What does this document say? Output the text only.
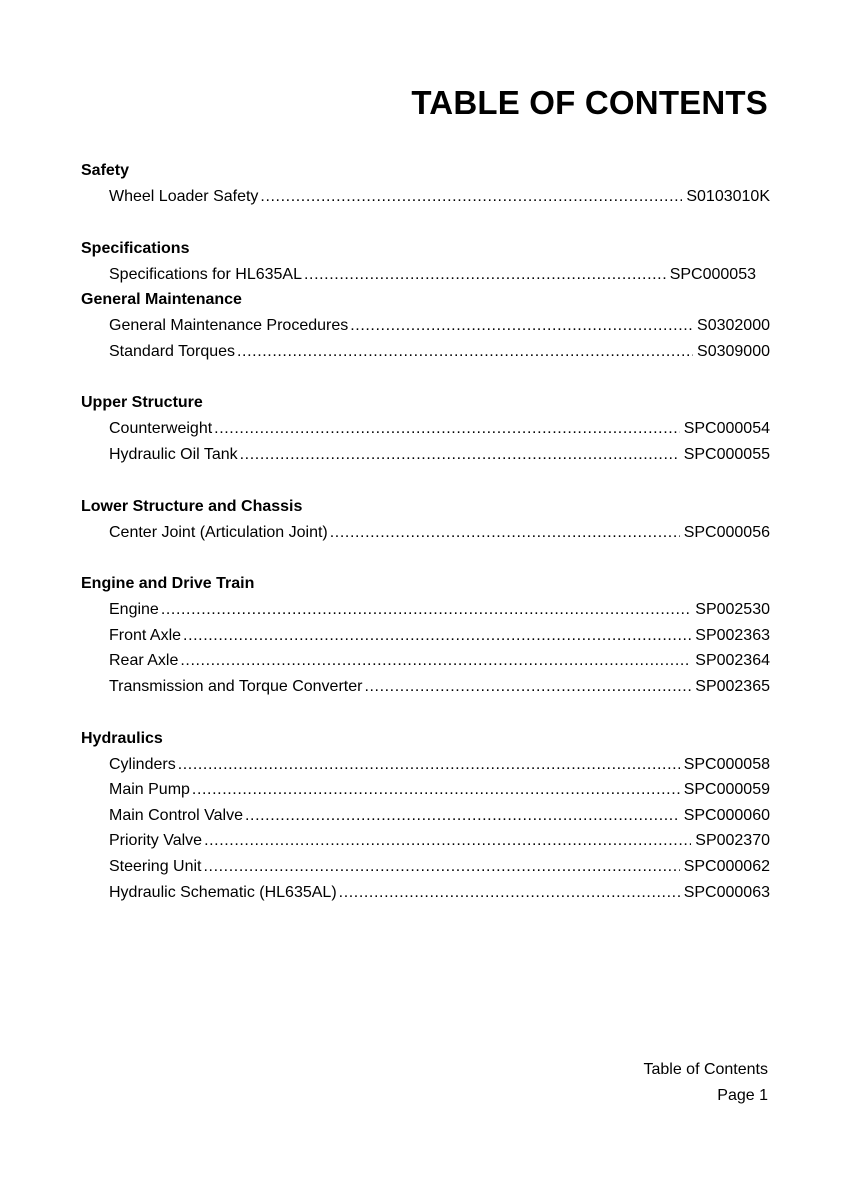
TABLE OF CONTENTS
Safety
Wheel Loader Safety .....	S0103010K
Specifications
Specifications for HL635AL .....	SPC000053
General Maintenance
General Maintenance Procedures .....	S0302000
Standard Torques .....	S0309000
Upper Structure
Counterweight .....	SPC000054
Hydraulic Oil Tank .....	SPC000055
Lower Structure and Chassis
Center Joint (Articulation Joint) .....	SPC000056
Engine and Drive Train
Engine .....	SP002530
Front Axle .....	SP002363
Rear Axle .....	SP002364
Transmission and Torque Converter .....	SP002365
Hydraulics
Cylinders .....	SPC000058
Main Pump .....	SPC000059
Main Control Valve .....	SPC000060
Priority Valve .....	SP002370
Steering Unit .....	SPC000062
Hydraulic Schematic (HL635AL) .....	SPC000063
Table of Contents
Page 1
